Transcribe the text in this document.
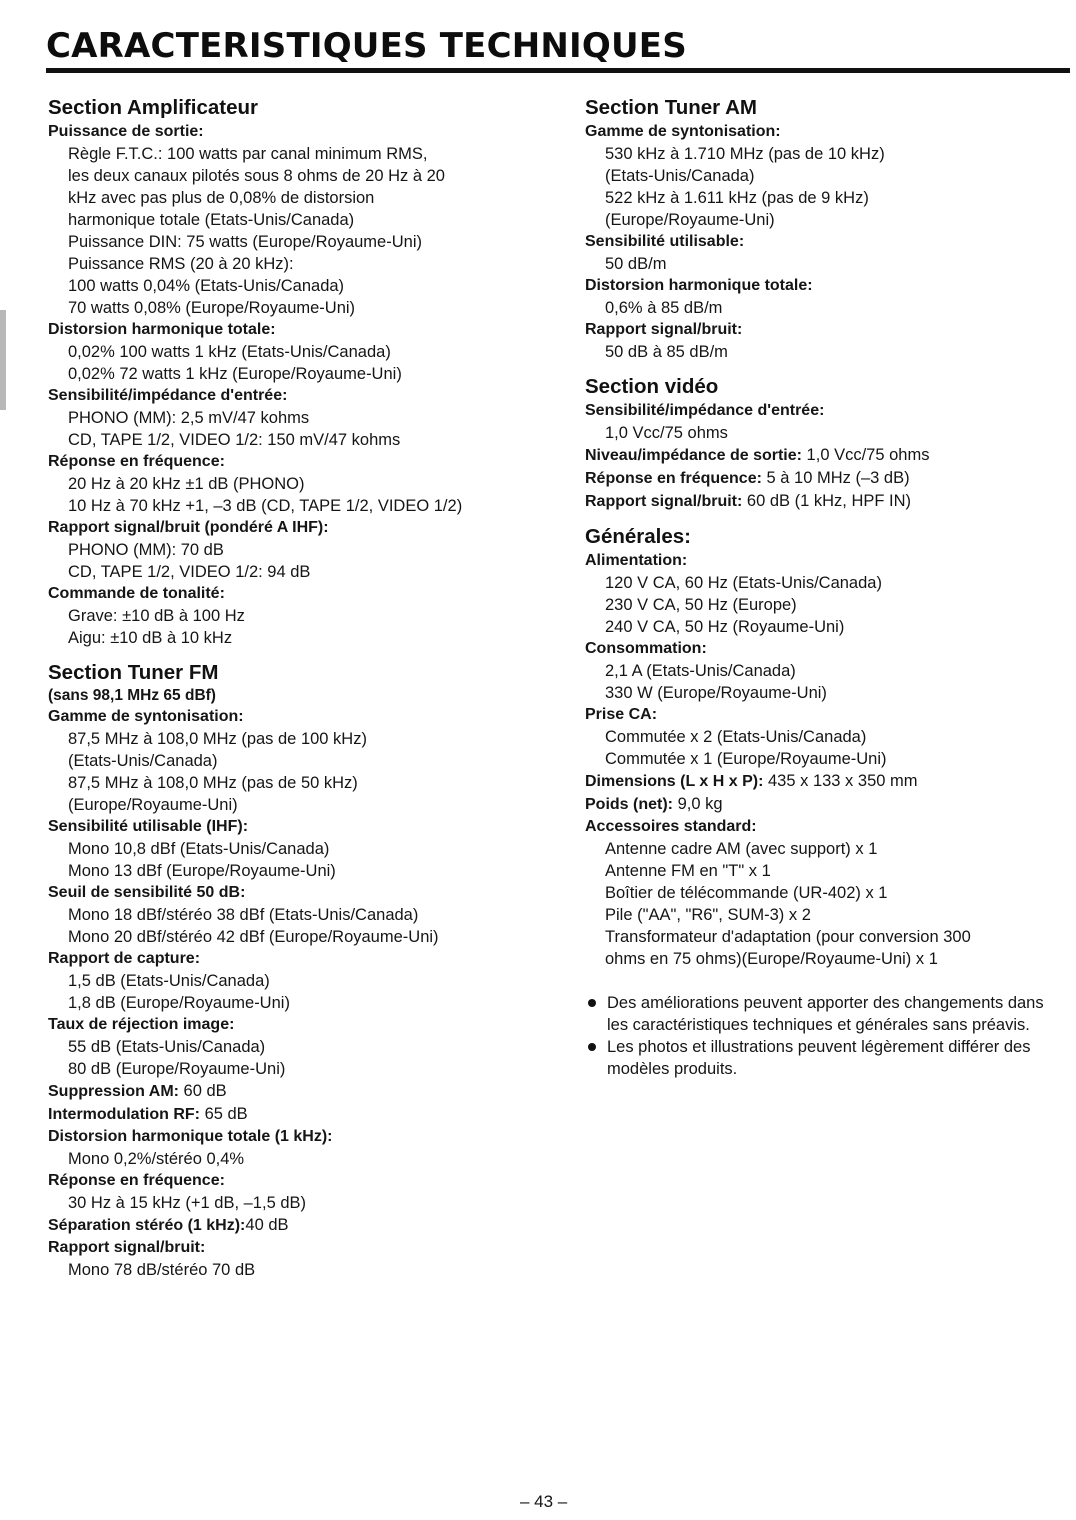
CARACTERISTIQUES TECHNIQUES
Section Amplificateur
Puissance de sortie:
Règle F.T.C.: 100 watts par canal minimum RMS,
les deux canaux pilotés sous 8 ohms de 20 Hz à 20
kHz avec pas plus de 0,08% de distorsion
harmonique totale (Etats-Unis/Canada)
Puissance DIN: 75 watts (Europe/Royaume-Uni)
Puissance RMS (20 à 20 kHz):
100 watts 0,04% (Etats-Unis/Canada)
70 watts 0,08% (Europe/Royaume-Uni)
Distorsion harmonique totale:
0,02% 100 watts 1 kHz (Etats-Unis/Canada)
0,02% 72 watts 1 kHz (Europe/Royaume-Uni)
Sensibilité/impédance d'entrée:
PHONO (MM): 2,5 mV/47 kohms
CD, TAPE 1/2, VIDEO 1/2: 150 mV/47 kohms
Réponse en fréquence:
20 Hz à 20 kHz ±1 dB (PHONO)
10 Hz à 70 kHz +1, –3 dB (CD, TAPE 1/2, VIDEO 1/2)
Rapport signal/bruit (pondéré A IHF):
PHONO (MM): 70 dB
CD, TAPE 1/2, VIDEO 1/2: 94 dB
Commande de tonalité:
Grave: ±10 dB à 100 Hz
Aigu: ±10 dB à 10 kHz
Section Tuner FM
(sans 98,1 MHz 65 dBf)
Gamme de syntonisation:
87,5 MHz à 108,0 MHz (pas de 100 kHz)
(Etats-Unis/Canada)
87,5 MHz à 108,0 MHz (pas de 50 kHz)
(Europe/Royaume-Uni)
Sensibilité utilisable (IHF):
Mono 10,8 dBf (Etats-Unis/Canada)
Mono 13 dBf (Europe/Royaume-Uni)
Seuil de sensibilité 50 dB:
Mono 18 dBf/stéréo 38 dBf (Etats-Unis/Canada)
Mono 20 dBf/stéréo 42 dBf (Europe/Royaume-Uni)
Rapport de capture:
1,5 dB (Etats-Unis/Canada)
1,8 dB (Europe/Royaume-Uni)
Taux de réjection image:
55 dB (Etats-Unis/Canada)
80 dB (Europe/Royaume-Uni)
Suppression AM: 60 dB
Intermodulation RF: 65 dB
Distorsion harmonique totale (1 kHz):
Mono 0,2%/stéréo 0,4%
Réponse en fréquence:
30 Hz à 15 kHz (+1 dB, –1,5 dB)
Séparation stéréo (1 kHz):40 dB
Rapport signal/bruit:
Mono 78 dB/stéréo 70 dB
Section Tuner AM
Gamme de syntonisation:
530 kHz à 1.710 MHz (pas de 10 kHz)
(Etats-Unis/Canada)
522 kHz à 1.611 kHz (pas de 9 kHz)
(Europe/Royaume-Uni)
Sensibilité utilisable:
50 dB/m
Distorsion harmonique totale:
0,6% à 85 dB/m
Rapport signal/bruit:
50 dB à 85 dB/m
Section vidéo
Sensibilité/impédance d'entrée:
1,0 Vcc/75 ohms
Niveau/impédance de sortie: 1,0 Vcc/75 ohms
Réponse en fréquence: 5 à 10 MHz (–3 dB)
Rapport signal/bruit: 60 dB (1 kHz, HPF IN)
Générales:
Alimentation:
120 V CA, 60 Hz (Etats-Unis/Canada)
230 V CA, 50 Hz (Europe)
240 V CA, 50 Hz (Royaume-Uni)
Consommation:
2,1 A (Etats-Unis/Canada)
330 W (Europe/Royaume-Uni)
Prise CA:
Commutée x 2 (Etats-Unis/Canada)
Commutée x 1 (Europe/Royaume-Uni)
Dimensions (L x H x P): 435 x 133 x 350 mm
Poids (net): 9,0 kg
Accessoires standard:
Antenne cadre AM (avec support) x 1
Antenne FM en "T" x 1
Boîtier de télécommande (UR-402) x 1
Pile ("AA", "R6", SUM-3) x 2
Transformateur d'adaptation (pour conversion 300
ohms en 75 ohms)(Europe/Royaume-Uni) x 1
Des améliorations peuvent apporter des changements dans les caractéristiques techniques et générales sans préavis.
Les photos et illustrations peuvent légèrement différer des modèles produits.
– 43 –
